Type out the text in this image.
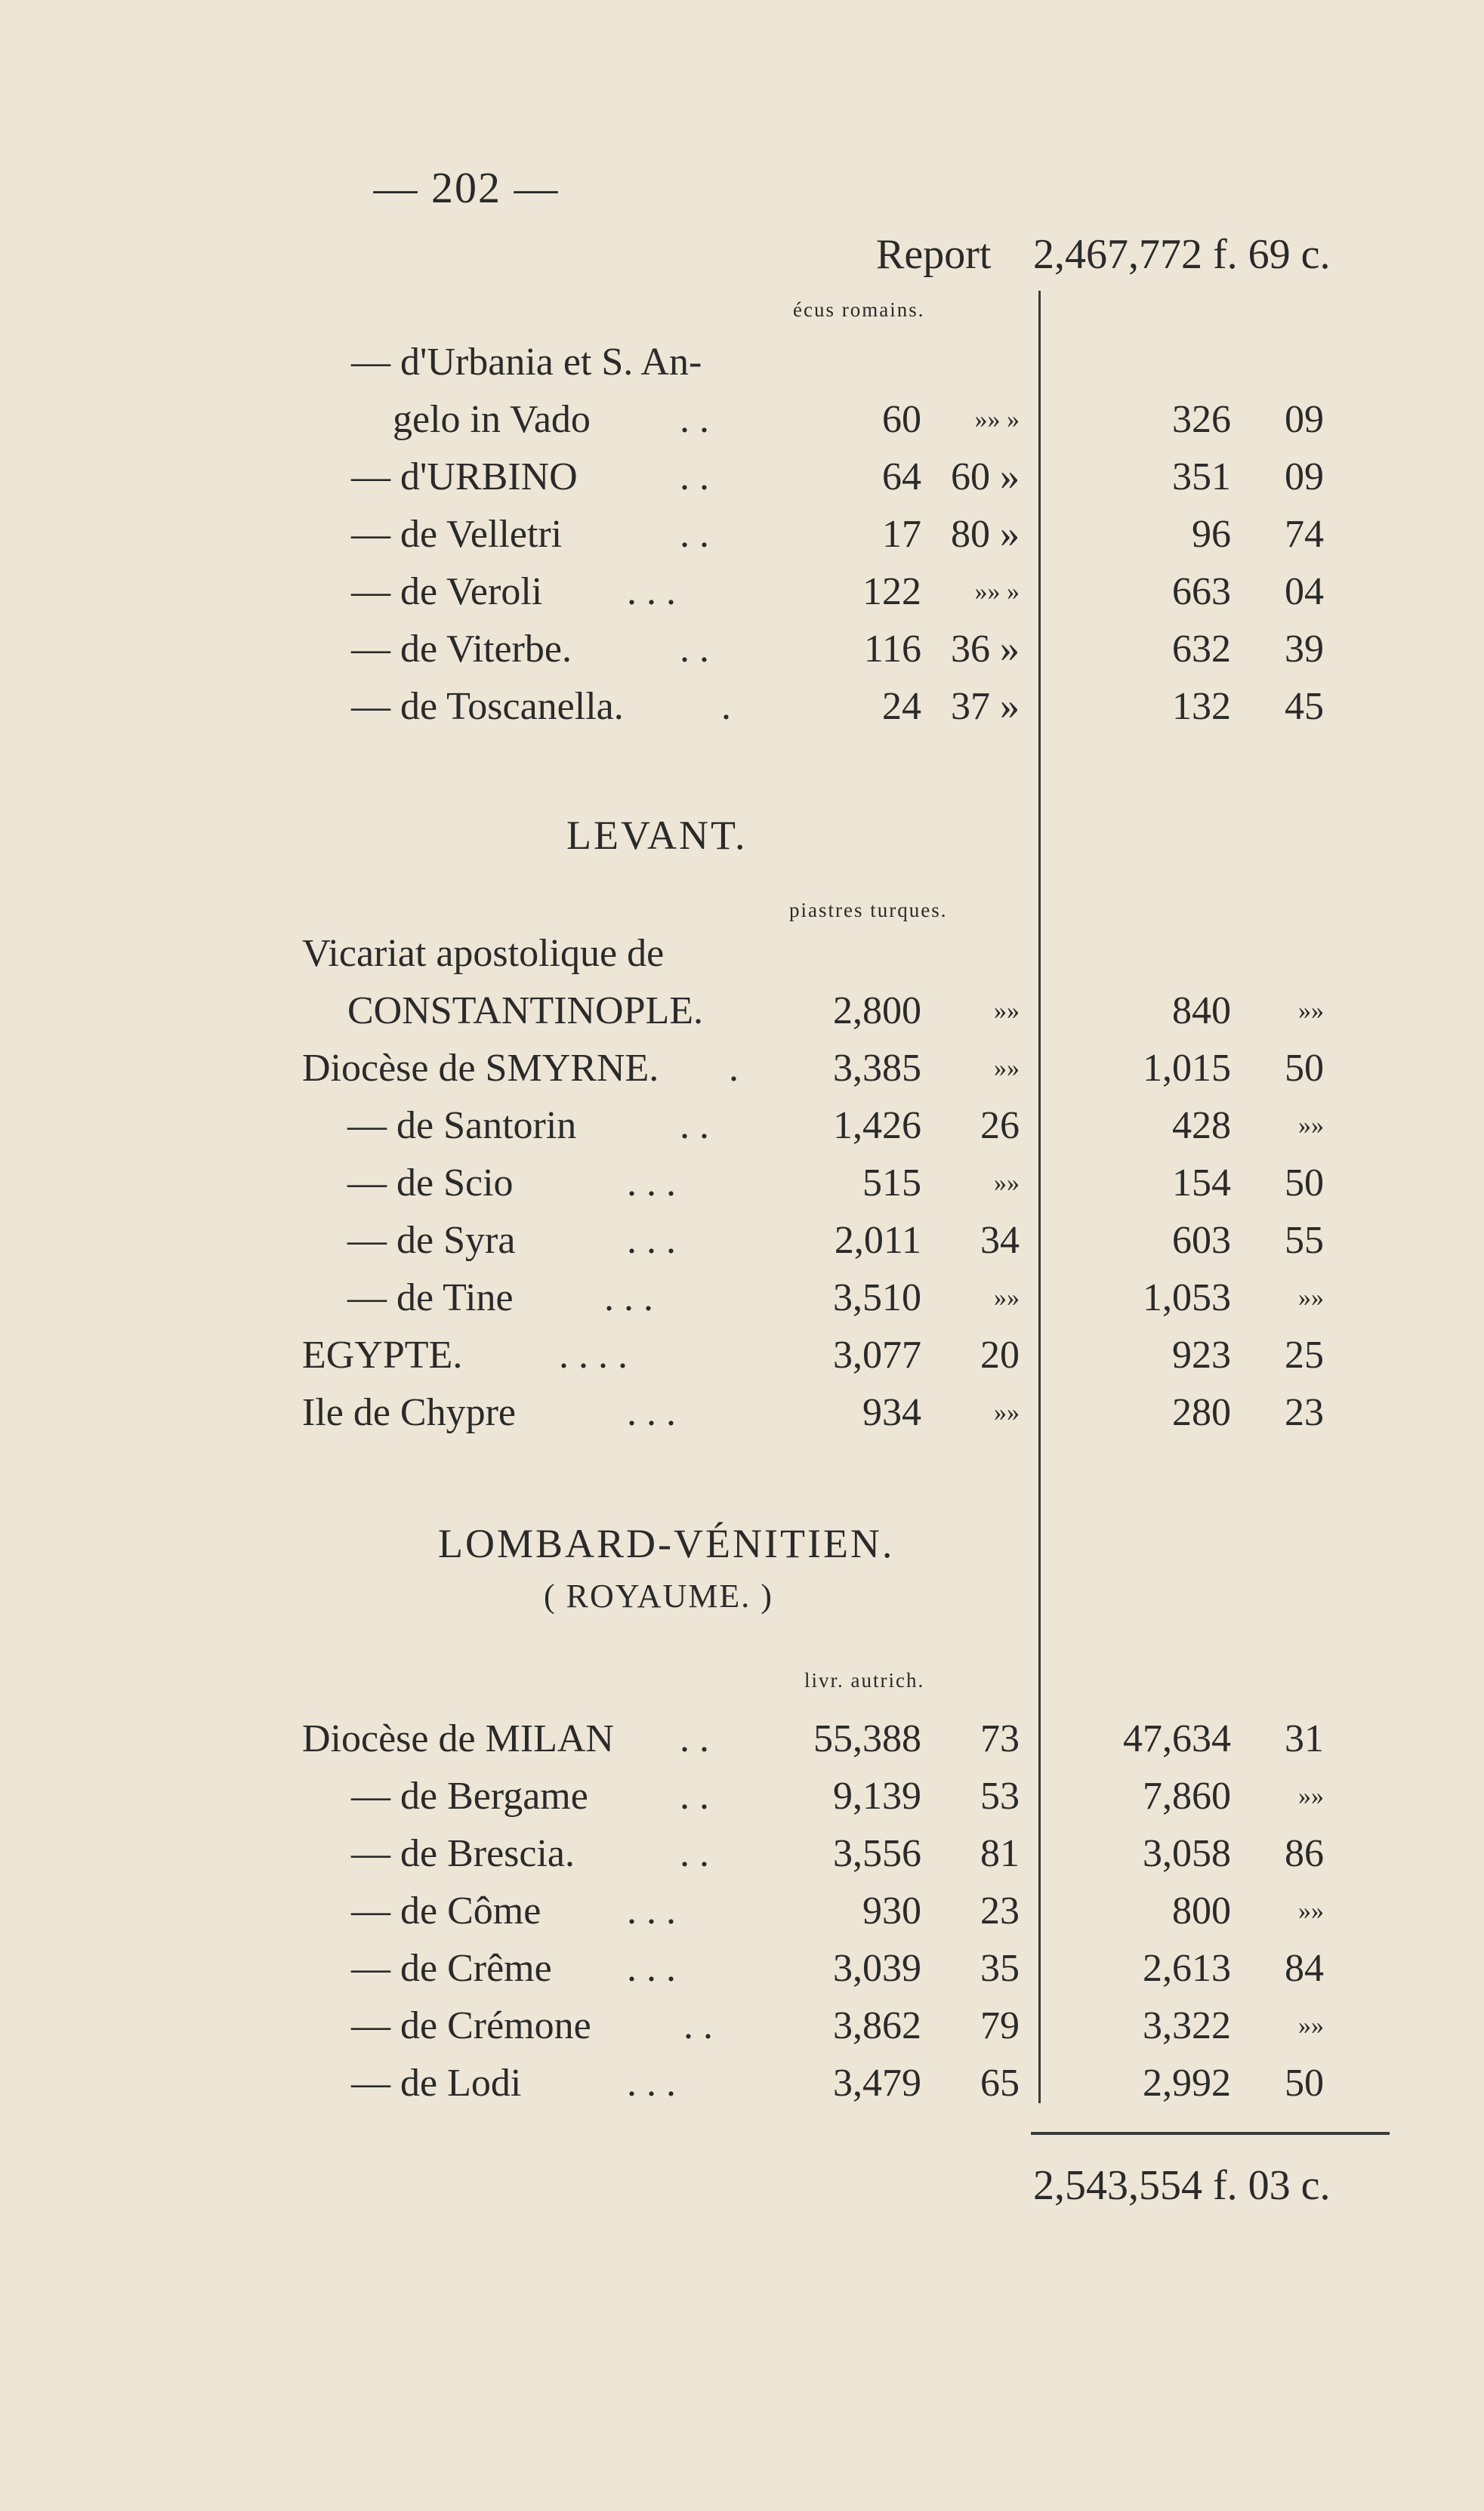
— 202 —
Report 2,467,772 f. 69 c.
écus romains.
— d'Urbania et S. An-
gelo in Vado . .	60 »» »	326 09
— d'URBINO	. .	64 60 »	351 09
— de Velletri	. .	17 80 »	96 74
— de Veroli . . .	122 »» »	663 04
— de Viterbe.	. .	116 36 »	632 39
— de Toscanella. .	24 37 »	132 45
LEVANT.
piastres turques.
Vicariat apostolique de
CONSTANTINOPLE.	2,800	»»	840	»»
Diocèse de SMYRNE. . 3,385	»»	1,015 50
— de Santorin	. .	1,426 26	428	»»
— de Scio	. . .	515	»»	154 50
— de Syra	. . .	2,011 34	603 55
— de Tine . . .	3,510	»»	1,053	»»
EGYPTE. . . . .	3,077 20	923 25
Ile de Chypre	. . .	934	»»	280 23
LOMBARD-VÉNITIEN.
( ROYAUME. )
livr. autrich.
Diocèse de MILAN . .	55,388 73	47,634 31
— de Bergame . .	9,139 53	7,860	»»
— de Brescia.	. .	3,556 81	3,058 86
— de Côme . . .	930 23	800	»»
— de Crême . . .	3,039 35	2,613 84
— de Crémone . .	3,862 79	3,322	»»
— de Lodi	. . .	3,479 65	2,992 50
2,543,554 f. 03 c.
